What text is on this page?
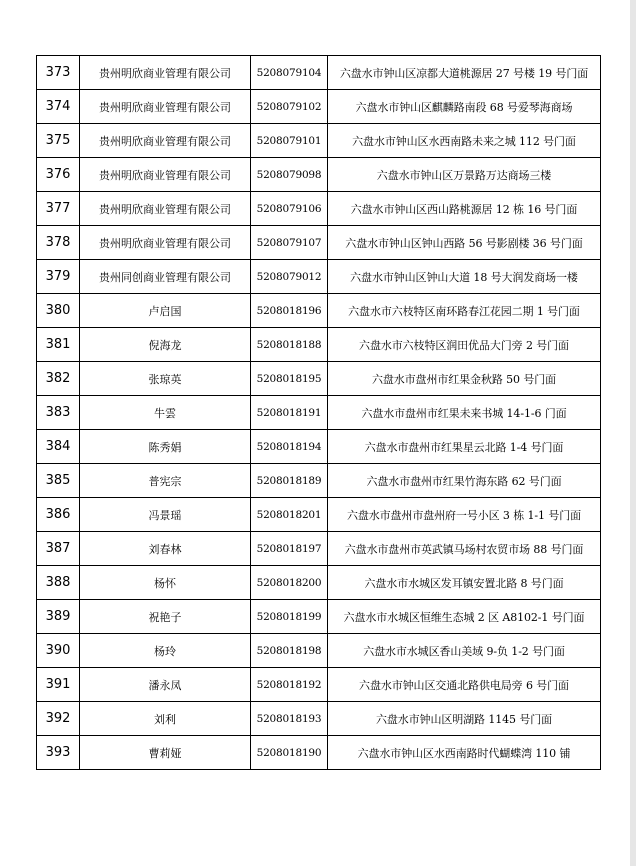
373	贵州明欣商业管理有限公司	5208079104	六盘水市钟山区凉都大道桃源居 27 号楼 19 号门面
374	贵州明欣商业管理有限公司	5208079102	六盘水市钟山区麒麟路南段 68 号爱琴海商场
375	贵州明欣商业管理有限公司	5208079101	六盘水市钟山区水西南路未来之城 112 号门面
376	贵州明欣商业管理有限公司	5208079098	六盘水市钟山区万景路万达商场三楼
377	贵州明欣商业管理有限公司	5208079106	六盘水市钟山区西山路桃源居 12 栋 16 号门面
378	贵州明欣商业管理有限公司	5208079107	六盘水市钟山区钟山西路 56 号影剧楼 36 号门面
379	贵州同创商业管理有限公司	5208079012	六盘水市钟山区钟山大道 18 号大润发商场一楼
380	卢启国	5208018196	六盘水市六枝特区南环路春江花园二期 1 号门面
381	倪海龙	5208018188	六盘水市六枝特区润田优品大门旁 2 号门面
382	张琼英	5208018195	六盘水市盘州市红果金秋路 50 号门面
383	牛雲	5208018191	六盘水市盘州市红果未来书城 14-1-6 门面
384	陈秀娟	5208018194	六盘水市盘州市红果星云北路 1-4 号门面
385	普宪宗	5208018189	六盘水市盘州市红果竹海东路 62 号门面
386	冯景瑶	5208018201	六盘水市盘州市盘州府一号小区 3 栋 1-1 号门面
387	刘春林	5208018197	六盘水市盘州市英武镇马场村农贸市场 88 号门面
388	杨怀	5208018200	六盘水市水城区发耳镇安置北路 8 号门面
389	祝艳子	5208018199	六盘水市水城区恒维生态城 2 区 A8102-1 号门面
390	杨玲	5208018198	六盘水市水城区香山美域 9-负 1-2 号门面
391	潘永凤	5208018192	六盘水市钟山区交通北路供电局旁 6 号门面
392	刘利	5208018193	六盘水市钟山区明湖路 1145 号门面
393	曹莉娅	5208018190	六盘水市钟山区水西南路时代蝴蝶湾 110 铺
